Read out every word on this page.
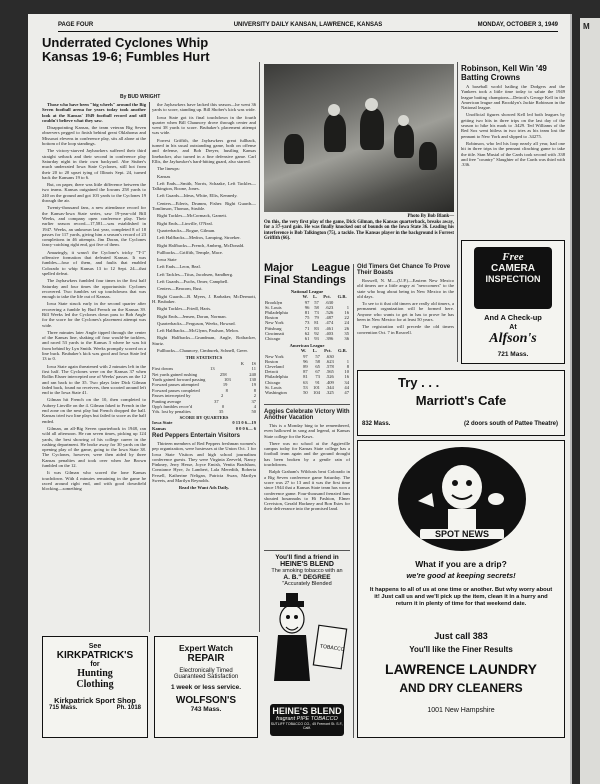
M
PAGE FOUR	UNIVERSITY DAILY KANSAN, LAWRENCE, KANSAS	MONDAY, OCTOBER 3, 1949
Underrated Cyclones Whip Kansas 19-6; Fumbles Hurt
By BUD WRIGHT

Those who have been "big wheels" around the Big Seven football arena for years today took another look at the Kansas' 1949 football record and still couldn't believe what they saw.

Disappointing Kansas, the team veteran Big Seven observers pegged to finish behind great Oklahoma and Missouri elevens in conference play, sits all alone at the bottom of the loop standings.

The victory-starved Jayhawkers suffered their third straight setback and their second in conference play Saturday night in their own backyard. Abe Stuber's much underrated Iowa State Cyclones, still hot from their 20 to 20 upset tying of Illinois Sept. 24, turned back the Kansans 19 to 6.

But, on paper, there was little difference between the two teams. Kansas outgained the Iowans 258 yards to 240 on the ground and got 103 yards to the Cyclones 19 through the air.

Twenty-thousand fans, a new attendance record for the Kansas-Iowa State series, saw 19-year-old Bill Weeks, and company open conference play. Their earlier season record—17,581—was established in 1947. Weeks, an unknown last year, completed 8 of 18 passes for 117 yards, giving him a season's record of 23 completions in 46 attempts. Jim Doran, the Cyclones fancy-catching right end, got five of them.

Amazingly, it wasn't the Cyclone's tricky "T-1" offensive formation that defeated Kansas. It was fumbles—four of them, and faults that enabled Colorado to whip Kansas 13 to 12 Sept. 24—that spelled defeat.

The Jayhawkers fumbled four times in the first half Saturday and four times the opportunistic Cyclones recovered. Two fumbles set up touchdowns that was enough to take the life out of Kansas.

Iowa State struck early in the second quarter after recovering a fumble by Bud French on the Kansas 39. Bill Weeks led the Cyclones down pass to Bob Angle for the score for the Cyclones's placement attempt was wide.

Three minutes later Angle tipped through the center of the Kansas line, shaking off four would-be tacklers, and raced 53 yards to the Kansas 3 where he was hit from behind by Lyn Smith. Weeks promptly scored on a line buck. Brubaker's kick was good and Iowa State led 13 to 0.

Iowa State again threatened with 2 minutes left in the first half. The Cyclones were on the Kansas 37 when Rollin Elsner intercepted one of Weeks' passes on the 12 and ran back to the 35. Two plays later Dick Gilman faded back, found no receivers, then scooted around left end to the Iowa State 41.

Gilman hit French on the 10, then completed to Aubrey Linville on the 4. Gilman faked to French in the end zone on the next play but French dropped the ball. Kansas tried two line plays but failed to score as the half ended.

Gilman, an all-Big Seven quarterback in 1948, ran wild all afternoon. He ran seven times, picking up 124 yards, the best showing of his college career in the rushing department. He broke away for 30 yards on the opening play of the game, going to the Iowa State 38. The Cyclones, however, were then aided by three Kansas penalties and took over when Joe Brown fumbled on the 12.

It was Gilman who scored the lone Kansas touchdown. With 4 minutes remaining in the game he raced around right end, and with good downfield blocking—something

the Jayhawkers have lacked this season—he went 36 yards to score, standing up. Bill Shober's kick was wide.

Iowa State got its final touchdown in the fourth quarter when Bill Chauncey drove through center and went 38 yards to score. Brubaker's placement attempt was wide.

Forrest Griffith, the Jayhawkers great fullback, turned in his usual outstanding game, both on offense and defense, and Bob Dreyer, hustling Kansas linebacker, also turned in a fine defensive game. Carl Ellis, the Jayhawker's hard-hitting guard, also starred.

The lineups:

Kansas

Left Ends—Smith, Norris, Schaake, Left Tackles—Talkington, Boone, Jones.

Left Guards—Ideus, White, Ellis, Kennedy.

Centers—Eilerts, Drumm, Fisher. Right Guards—Tomlinson, Thomas, Struble.

Right Tackles—McCormack, Garnett.

Right Ends—Linville, O'Neal.

Quarterbacks—Rogue, Gilman.

Left Halfbacks—Medros, Lamping, Stroeker.

Right Halfbacks—French, Amberg, McDonald.

Fullbacks—Griffith, Temple, Mace.

Iowa State

Left Ends—Leon, Beal.

Left Tackles—Titus, Jacobsen, Sandberg.

Left Guards—Fuchs, Omer, Campbell.

Centers—Beacom, Rust.

Right Guards—B. Myers, J. Barbaker, McDermott, H. Brubaker.

Right Tackles—Friedl, Haris.

Right Ends—Jensen, Doran, Norman.

Quarterbacks—Ferguson, Weeks, Howard.

Left Halfbacks—McGlynn, Paulson, Melon.

Right Halfbacks—Grundman, Angle, Rothacker, Sturtz.

Fullbacks—Chauncey, Cimburek, Schnell, Greer.

THE STATISTICS
K IS
First downs	13	11
Net yards gained rushing	258	240
Yards gained forward passing	103	130
Forward passes attempted	19	19
Forward passes completed	8	8
Passes intercepted by	2	2
Punting average	37	37
Opp's fumbles recov'd	0	4
Yds. lost by penalties	35	50
SCORE BY QUARTERS
Iowa State	0 13 0 6—19
Kansas	0 0 0 6— 6

Red Peppers Entertain Visitors

Thirteen members of Red Peppers freshman women's pep organization, were hostesses at the Union Oct. 1 for Iowa State Visitors and high school journalism conference guests. They were Virginia Zeeveld, Nancy Pinkney, Jerry Hesse, Joyce Emish, Venita Bradshaw, Constance Hyre, Jo Lambert, Lala Meredith, Roberta Fersell, Katherine Neligan, Patricia Swan, Marilyn Sweets, and Marilyn Reynolds.

Read the Want Ads Daily.

See
KIRKPATRICK'S
for
Hunting
Clothing
Kirkpatrick Sport Shop
715 Mass.	Ph. 1018
Expert Watch
REPAIR
Electronically Timed
Guaranteed Satisfaction
1 week or less service.
WOLFSON'S
743 Mass.
Photo By Bob Blank—
On this, the very first play of the game, Dick Gilman, the Kansas quarterback, breaks away, for a 37-yard gain. He was finally knocked out of bounds on the Iowa State 36. Leading his interference is Bob Talkington (75), a tackle. The Kansas player in the background is Forrest Griffith (66).
Major League Final Standings
National League
	W.	L.	Pct.	G.B.
Brooklyn	97	57	.630	
St. Louis	96	58	.623	1
Philadelphia	81	73	.526	16
Boston	75	79	.487	22
New York	73	81	.474	24
Pittsburg	71	83	.461	26
Cincinnati	62	92	.403	35
Chicago	61	93	.396	36
American League
	W.	L.	Pct.	G.B.
New York	97	57	.630	
Boston	96	58	.623	1
Cleveland	89	65	.578	8
Detroit	87	67	.565	10
Philadelphia	81	73	.526	16
Chicago	63	91	.409	34
St. Louis	53	101	.344	44
Washington	50	104	.325	47

Aggies Celebrate Victory With Another Vacation

This is a Monday bing to be remembered, even hallowed in song and legend, at Kansas State college for the Kaws.

There was no school at the Aggieville campus today for Kansas State college has a football team again and the ground drought has been broken by a gentle rain of touchdowns.

Ralph Graham's Wildcats beat Colorado in a Big Seven conference game Saturday. The score was 27 to 13 and it was the first time since 1944 that a Kansas State team has won a conference game. Four-thousand frenzied fans shouted hosannahs to Hi Fashion, Elmer Creviston, Gerald Hackney and Bon Estes for their deliverance into the promised land.

You'll find a friend in
HEINE'S BLEND
The smoking tobacco with an
A. B." DEGREE
"Accurately Blended
TOBACCO
HEINE'S BLEND
fragrant PIPE TOBACCO
SUTLIFF TOBACCO CO., 45 Fremont St. S.F., Calif.

Old Timers Get Chance To Prove Their Boasts

Roswell, N. M.—(U.P.)—Eastern New Mexico old timers are a little angry at "newcomers" to the state who brag about being in New Mexico in the old days.

To see to it that old timers are really old timers, a permanent organization will be formed here. Anyone who wants to get in has to prove he has been in New Mexico for at least 50 years.

The registration will precede the old timers convention Oct. 7 in Roswell.

Robinson, Kell Win '49 Batting Crowns

A baseball world hailing the Dodgers and the Yankees took a little time today to salute the 1949 league batting champions—Detroit's George Kell in the American league and Brooklyn's Jackie Robinson in the National league.

Unofficial figures showed Kell led both leagues by getting two hits in three trips on the last day of the season to hike his mark to .3429. Ted Williams of the Red Sox went hitless in two tries as his team lost the pennant to New York and slipped to .34275.

Robinson, who led his loop nearly all year, had one hit in three trips in the pennant clinching game to take the title. Stan Musial of the Cards took second with .338 and free "country" Slaughter of the Cards was third with .336.

Free
CAMERA
INSPECTION
And A Check-up
At
Alfson's
721 Mass.
Try . . .
Marriott's Cafe
832 Mass.	(2 doors south of Pattee Theatre)
SPOT NEWS
What if you are a drip?
we're good at keeping secrets!
It happens to all of us at one time or another. But why worry about it! Just call us and we'll pick up the item, clean it in a hurry and return it in plenty of time for that weekend date.
Just call 383
You'll like the Finer Results
LAWRENCE LAUNDRY
AND DRY CLEANERS
1001 New Hampshire
